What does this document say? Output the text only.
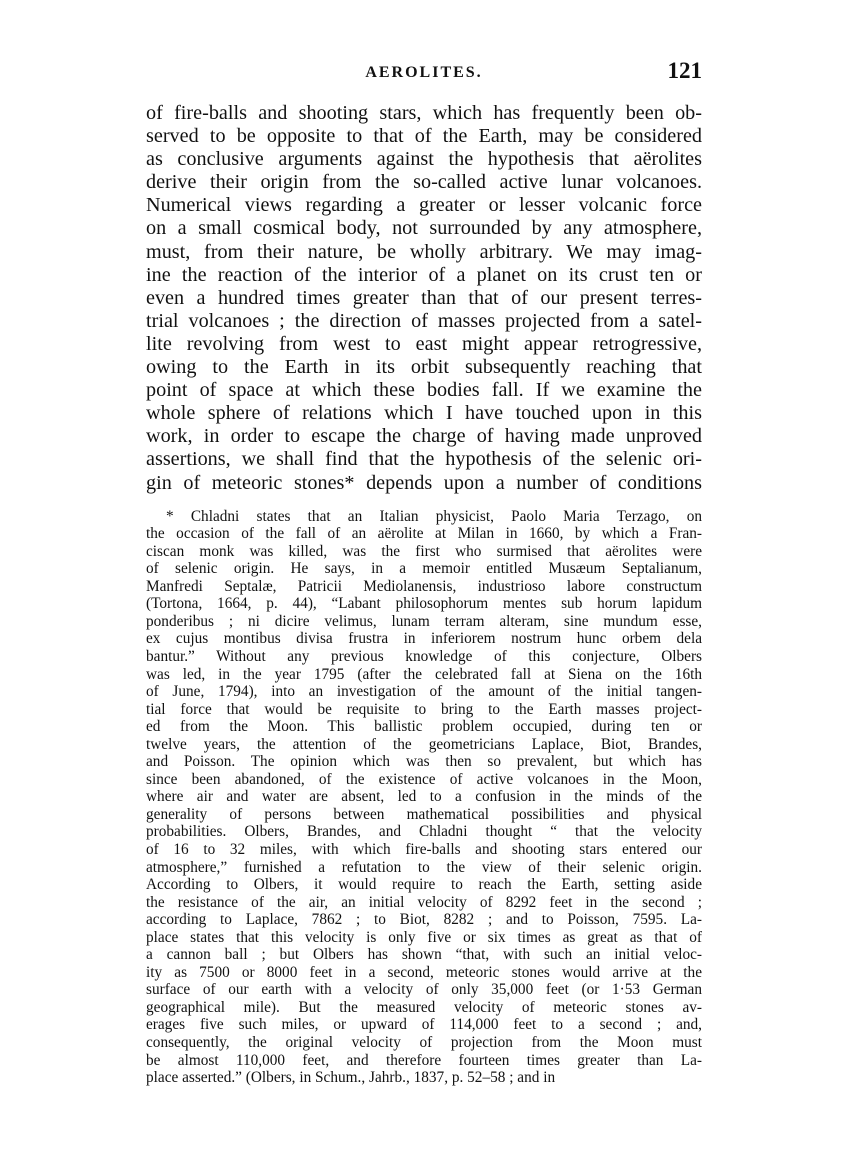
AEROLITES.	121
of fire-balls and shooting stars, which has frequently been ob-
served to be opposite to that of the Earth, may be considered
as conclusive arguments against the hypothesis that aërolites
derive their origin from the so-called active lunar volcanoes.
Numerical views regarding a greater or lesser volcanic force
on a small cosmical body, not surrounded by any atmosphere,
must, from their nature, be wholly arbitrary. We may imag-
ine the reaction of the interior of a planet on its crust ten or
even a hundred times greater than that of our present terres-
trial volcanoes ; the direction of masses projected from a satel-
lite revolving from west to east might appear retrogressive,
owing to the Earth in its orbit subsequently reaching that
point of space at which these bodies fall. If we examine the
whole sphere of relations which I have touched upon in this
work, in order to escape the charge of having made unproved
assertions, we shall find that the hypothesis of the selenic ori-
gin of meteoric stones* depends upon a number of conditions
* Chladni states that an Italian physicist, Paolo Maria Terzago, on
the occasion of the fall of an aërolite at Milan in 1660, by which a Fran-
ciscan monk was killed, was the first who surmised that aërolites were
of selenic origin. He says, in a memoir entitled Musæum Septalianum,
Manfredi Septalæ, Patricii Mediolanensis, industrioso labore constructum
(Tortona, 1664, p. 44), “Labant philosophorum mentes sub horum lapidum
ponderibus ; ni dicire velimus, lunam terram alteram, sine mundum esse,
ex cujus montibus divisa frustra in inferiorem nostrum hunc orbem dela
bantur.” Without any previous knowledge of this conjecture, Olbers
was led, in the year 1795 (after the celebrated fall at Siena on the 16th
of June, 1794), into an investigation of the amount of the initial tangen-
tial force that would be requisite to bring to the Earth masses project-
ed from the Moon. This ballistic problem occupied, during ten or
twelve years, the attention of the geometricians Laplace, Biot, Brandes,
and Poisson. The opinion which was then so prevalent, but which has
since been abandoned, of the existence of active volcanoes in the Moon,
where air and water are absent, led to a confusion in the minds of the
generality of persons between mathematical possibilities and physical
probabilities. Olbers, Brandes, and Chladni thought “ that the velocity
of 16 to 32 miles, with which fire-balls and shooting stars entered our
atmosphere,” furnished a refutation to the view of their selenic origin.
According to Olbers, it would require to reach the Earth, setting aside
the resistance of the air, an initial velocity of 8292 feet in the second ;
according to Laplace, 7862 ; to Biot, 8282 ; and to Poisson, 7595. La-
place states that this velocity is only five or six times as great as that of
a cannon ball ; but Olbers has shown “that, with such an initial veloc-
ity as 7500 or 8000 feet in a second, meteoric stones would arrive at the
surface of our earth with a velocity of only 35,000 feet (or 1·53 German
geographical mile). But the measured velocity of meteoric stones av-
erages five such miles, or upward of 114,000 feet to a second ; and,
consequently, the original velocity of projection from the Moon must
be almost 110,000 feet, and therefore fourteen times greater than La-
place asserted.” (Olbers, in Schum., Jahrb., 1837, p. 52–58 ; and in
